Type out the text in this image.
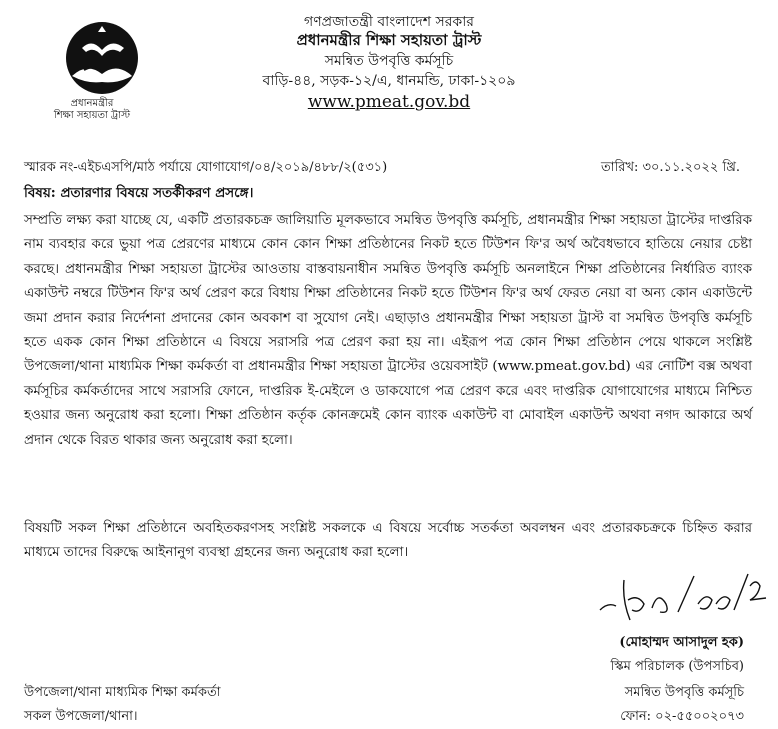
গণপ্রজাতন্ত্রী বাংলাদেশ সরকার
প্রধানমন্ত্রীর শিক্ষা সহায়তা ট্রাস্ট
সমন্বিত উপবৃত্তি কর্মসূচি
বাড়ি-৪৪, সড়ক-১২/এ, ধানমন্ডি, ঢাকা-১২০৯
www.pmeat.gov.bd
প্রধানমন্ত্রীর
শিক্ষা সহায়তা ট্রাস্ট
স্মারক নং-এইচএসপি/মাঠ পর্যায়ে যোগাযোগ/০৪/২০১৯/৪৮৮/২(৫৩১)	তারিখ: ৩০.১১.২০২২ খ্রি.
বিষয়: প্রতারণার বিষয়ে সতর্কীকরণ প্রসঙ্গে।
সম্প্রতি লক্ষ্য করা যাচ্ছে যে, একটি প্রতারকচক্র জালিয়াতি মূলকভাবে সমন্বিত উপবৃত্তি কর্মসূচি, প্রধানমন্ত্রীর শিক্ষা সহায়তা ট্রাস্টের দাপ্তরিক নাম ব্যবহার করে ভুয়া পত্র প্রেরণের মাধ্যমে কোন কোন শিক্ষা প্রতিষ্ঠানের নিকট হতে টিউশন ফি'র অর্থ অবৈধভাবে হাতিয়ে নেয়ার চেষ্টা করছে। প্রধানমন্ত্রীর শিক্ষা সহায়তা ট্রাস্টের আওতায় বাস্তবায়নাধীন সমন্বিত উপবৃত্তি কর্মসূচি অনলাইনে শিক্ষা প্রতিষ্ঠানের নির্ধারিত ব্যাংক একাউন্ট নম্বরে টিউশন ফি'র অর্থ প্রেরণ করে বিধায় শিক্ষা প্রতিষ্ঠানের নিকট হতে টিউশন ফি'র অর্থ ফেরত নেয়া বা অন্য কোন একাউন্টে জমা প্রদান করার নির্দেশনা প্রদানের কোন অবকাশ বা সুযোগ নেই। এছাড়াও প্রধানমন্ত্রীর শিক্ষা সহায়তা ট্রাস্ট বা সমন্বিত উপবৃত্তি কর্মসূচি হতে একক কোন শিক্ষা প্রতিষ্ঠানে এ বিষয়ে সরাসরি পত্র প্রেরণ করা হয় না। এইরূপ পত্র কোন শিক্ষা প্রতিষ্ঠান পেয়ে থাকলে সংশ্লিষ্ট উপজেলা/থানা মাধ্যমিক শিক্ষা কর্মকর্তা বা প্রধানমন্ত্রীর শিক্ষা সহায়তা ট্রাস্টের ওয়েবসাইট (www.pmeat.gov.bd) এর নোটিশ বক্স অথবা কর্মসূচির কর্মকর্তাদের সাথে সরাসরি ফোনে, দাপ্তরিক ই-মেইলে ও ডাকযোগে পত্র প্রেরণ করে এবং দাপ্তরিক যোগাযোগের মাধ্যমে নিশ্চিত হওয়ার জন্য অনুরোধ করা হলো। শিক্ষা প্রতিষ্ঠান কর্তৃক কোনক্রমেই কোন ব্যাংক একাউন্ট বা মোবাইল একাউন্ট অথবা নগদ আকারে অর্থ প্রদান থেকে বিরত থাকার জন্য অনুরোধ করা হলো।
বিষয়টি সকল শিক্ষা প্রতিষ্ঠানে অবহিতকরণসহ সংশ্লিষ্ট সকলকে এ বিষয়ে সর্বোচ্চ সতর্কতা অবলম্বন এবং প্রতারকচক্রকে চিহ্নিত করার মাধ্যমে তাদের বিরুদ্ধে আইনানুগ ব্যবস্থা গ্রহনের জন্য অনুরোধ করা হলো।
(মোহাম্মদ আসাদুল হক)
স্কিম পরিচালক (উপসচিব)
সমন্বিত উপবৃত্তি কর্মসূচি
ফোন: ০২-৫৫০০২০৭৩
উপজেলা/থানা মাধ্যমিক শিক্ষা কর্মকর্তা
সকল উপজেলা/থানা।
